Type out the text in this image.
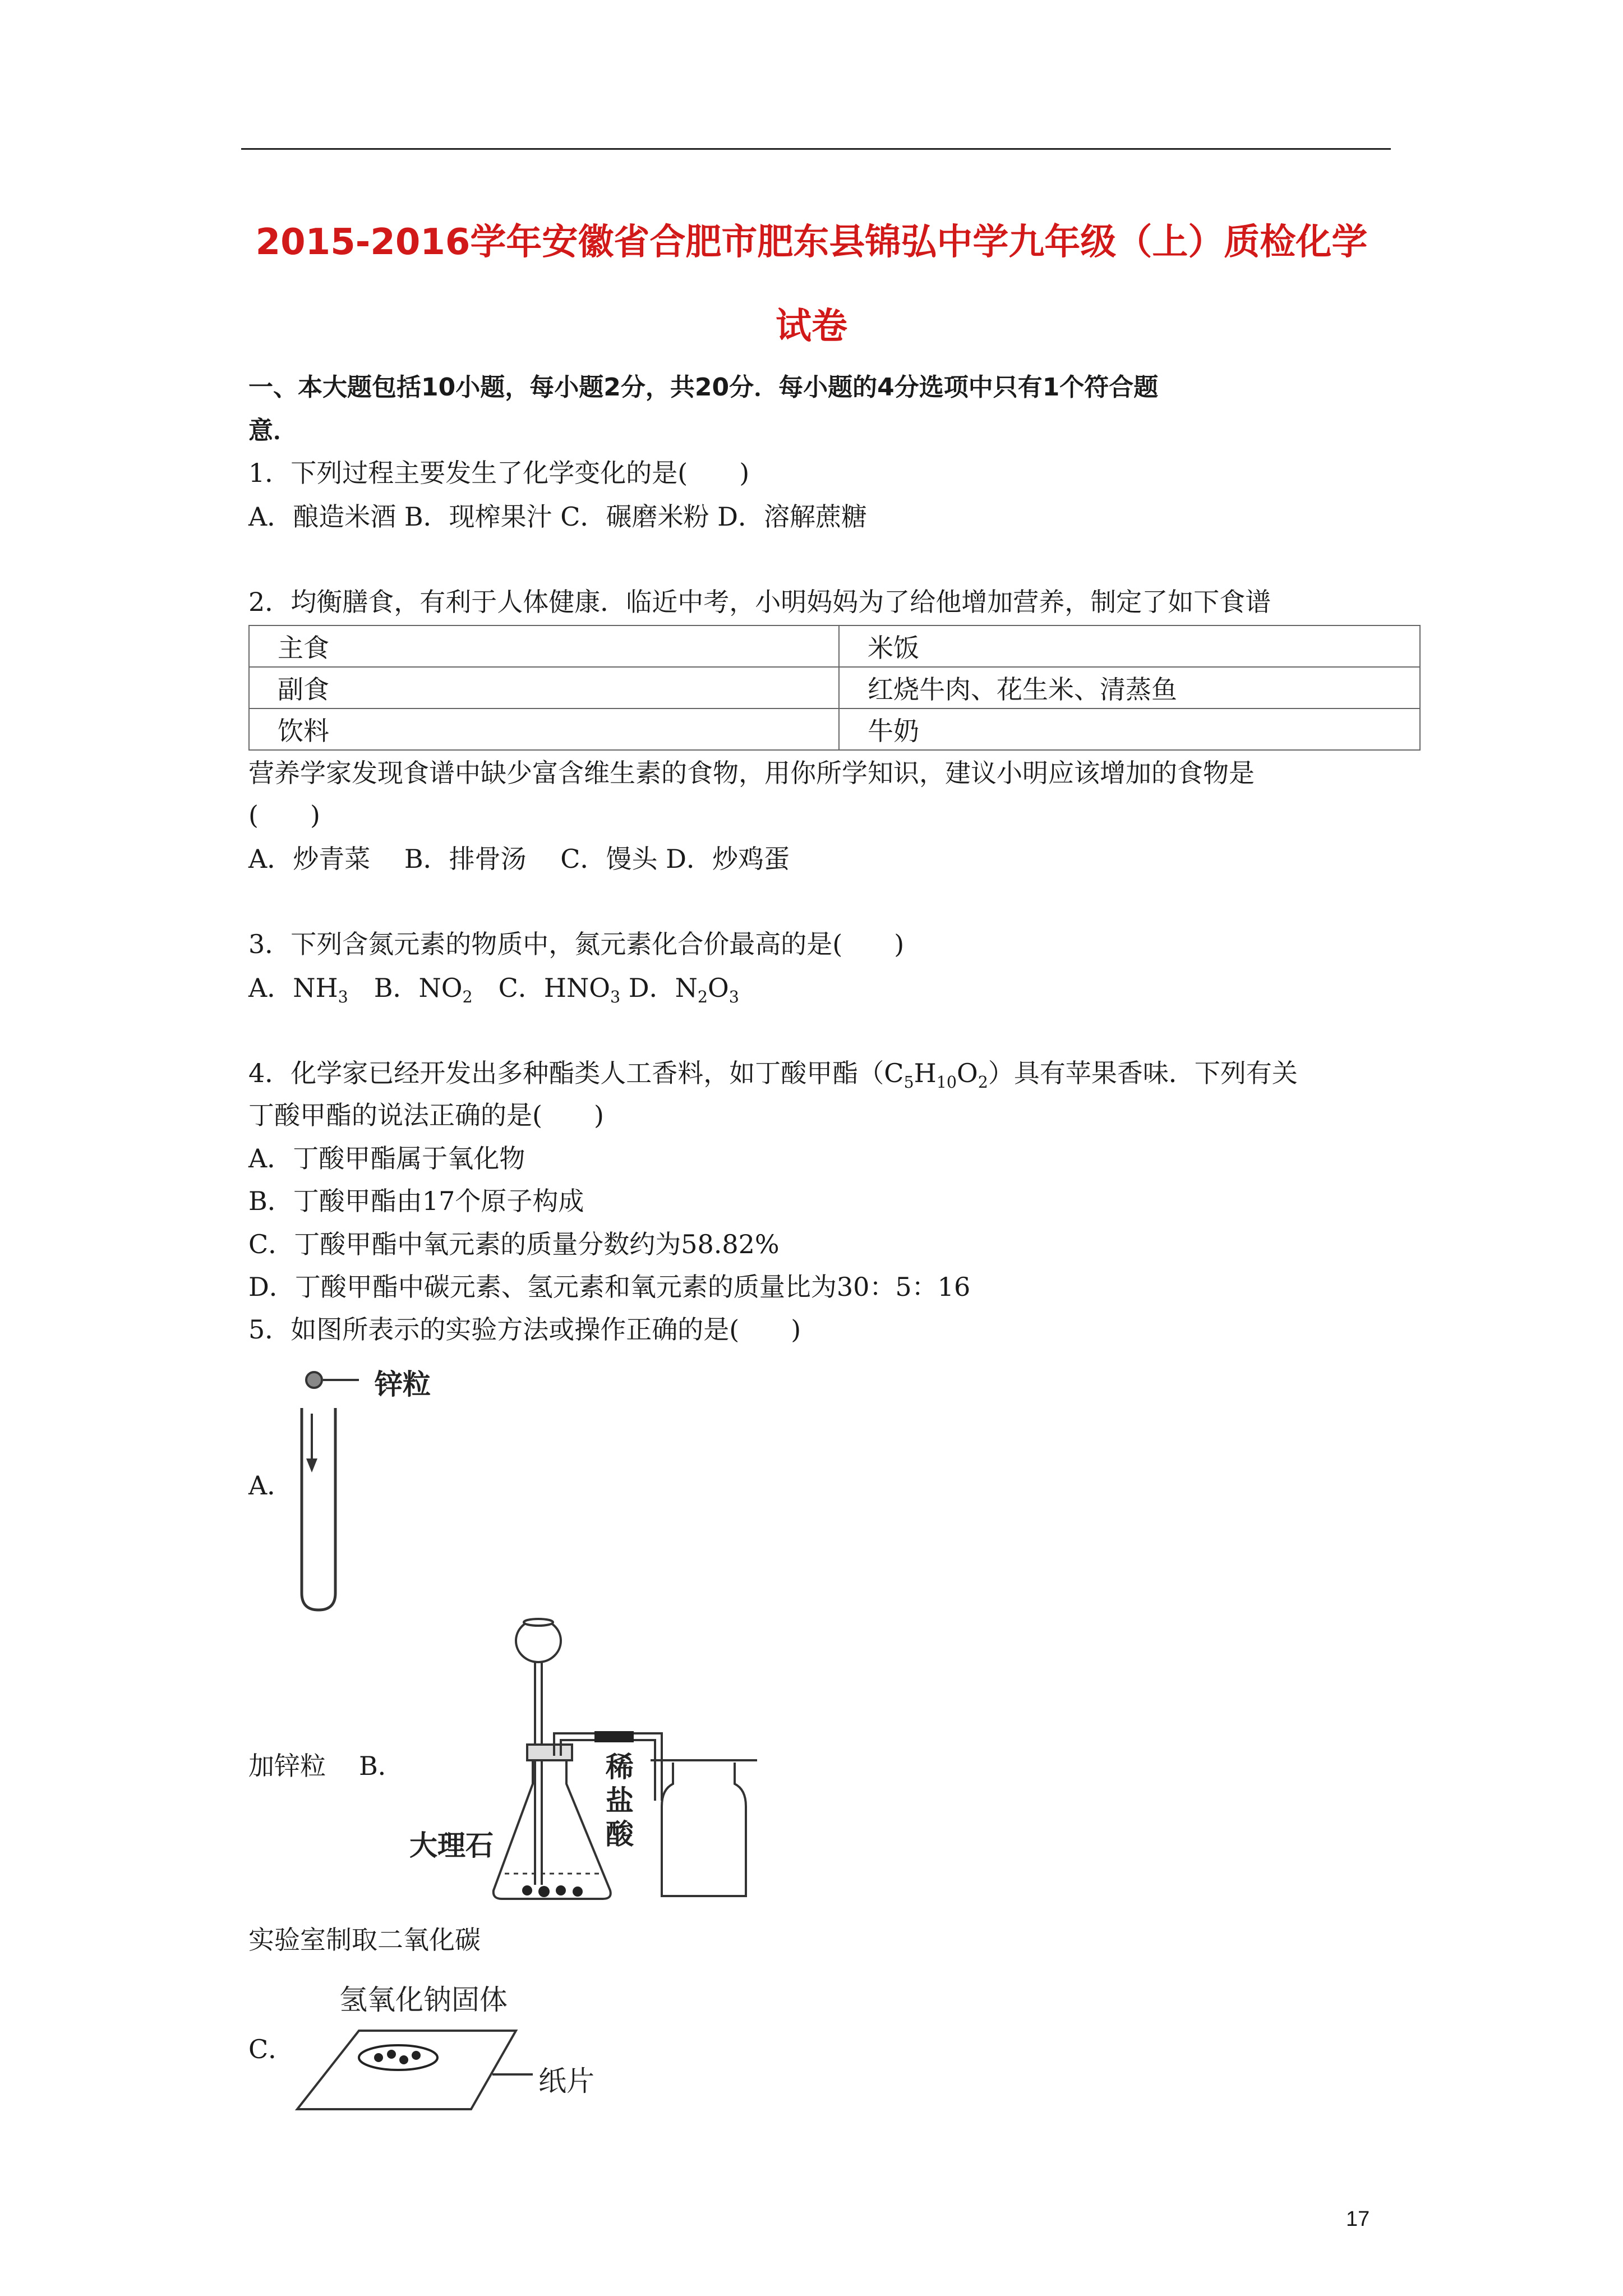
2015-2016学年安徽省合肥市肥东县锦弘中学九年级（上）质检化学
试卷
一、本大题包括10小题，每小题2分，共20分．每小题的4分选项中只有1个符合题
意．
1．下列过程主要发生了化学变化的是(　　)
A．酿造米酒 B．现榨果汁 C．碾磨米粉 D．溶解蔗糖
2．均衡膳食，有利于人体健康．临近中考，小明妈妈为了给他增加营养，制定了如下食谱
主食	米饭
副食	红烧牛肉、花生米、清蒸鱼
饮料	牛奶
营养学家发现食谱中缺少富含维生素的食物，用你所学知识，建议小明应该增加的食物是
(　　)
A．炒青菜　 B．排骨汤　 C．馒头 D．炒鸡蛋
3．下列含氮元素的物质中，氮元素化合价最高的是(　　)
A．$NH_3$　B．$NO_2$　C．$HNO_3$ D．$N_2O_3$
4．化学家已经开发出多种酯类人工香料，如丁酸甲酯$(C_5H_{10}O_2)$具有苹果香味．下列有关
丁酸甲酯的说法正确的是(　　)
A．丁酸甲酯属于氧化物
B．丁酸甲酯由17个原子构成
C．丁酸甲酯中氧元素的质量分数约为58.82%
D．丁酸甲酯中碳元素、氢元素和氧元素的质量比为30：5：16
5．如图所表示的实验方法或操作正确的是(　　)
A．
锌粒
加锌粒 B．	稀
盐
酸
大理石
实验室制取二氧化碳
氢氧化钠固体
C．
纸片
17
